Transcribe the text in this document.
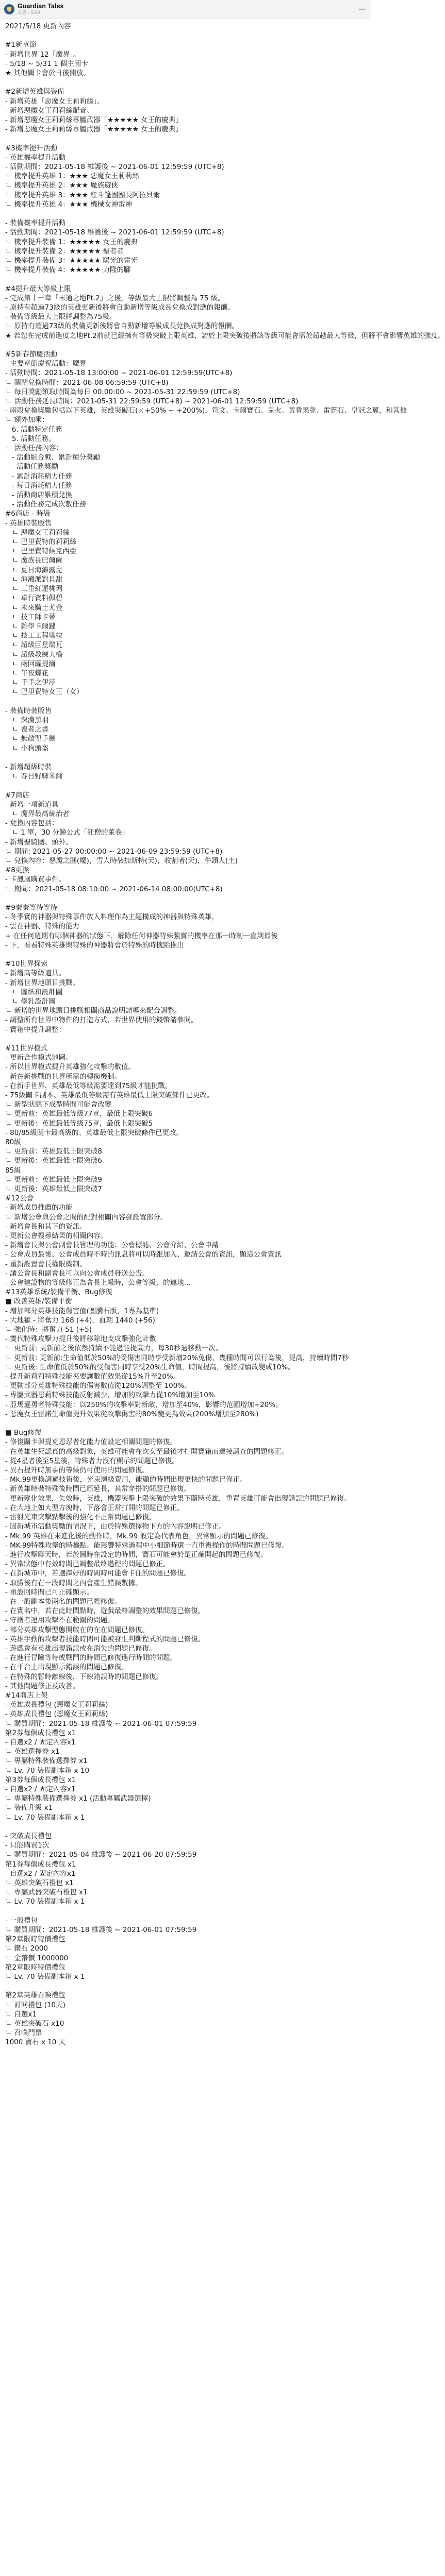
Guardian Tales
公告 · 5/18
2021/5/18 更新內容
#1新章節
- 新增世界 12「魔界」。
- 5/18 ~ 5/31 1 個主關卡
★ 其他關卡會於日後開放。
#2新增英雄與裝備
- 新增英雄「惡魔女王莉莉絲」。
- 新增惡魔女王莉莉絲配音。
- 新增惡魔女王莉莉絲專屬武器「★★★★★ 女王的慶典」
- 新增惡魔女王莉莉絲專屬武器「★★★★★ 女王的慶典」
#3機率提升活動
- 英雄機率提升活動
- 活動期間：2021-05-18 維護後 ~ 2021-06-01 12:59:59 (UTC+8)
ㄴ 機率提升英雄 1：★★★ 惡魔女王莉莉絲
ㄴ 機率提升英雄 2：★★★ 魔族遊俠
ㄴ 機率提升英雄 3：★★★ 紅斗篷團團長阿拉貝爾
ㄴ 機率提升英雄 4：★★★ 機械女神雷神
- 裝備機率提升活動
- 活動期間：2021-05-18 維護後 ~ 2021-06-01 12:59:59 (UTC+8)
ㄴ 機率提升裝備 1：★★★★★ 女王的慶典
ㄴ 機率提升裝備 2：★★★★★ 聖者者
ㄴ 機率提升裝備 3：★★★★★ 陽光的雷光
ㄴ 機率提升裝備 4：★★★★★ 力隆的腳
#4提升最大等級上限
- 完成第十一章「未通之地Pt.2」之後，等級最大上限將調整為 75 級。
- 原持有超過73級的英雄更新後將會自動新增等級成長兌換成對應的報酬。
- 裝備等級最大上限將調整為75級。
ㄴ 原持有超過73級的裝備更新後將會自動新增等級成長兌換成對應的報酬。
★ 若您在完成前進度之地Pt.2前就已經擁有等級突破上限英雄，請於上限突破後將該等級可能會需於超越最大等級，但將不會影響英雄的強度。
#5新春節慶活動
- 主要章節慶祝活動：魔界
- 活動時間：2021-05-18 13:00:00 ~ 2021-06-01 12:59:59(UTC+8)
ㄴ 關閉兌換時間：2021-06-08 06:59:59 (UTC+8)
ㄴ 每日獎勵領取時間為每日 00:00:00 ~ 2021-05-31 22:59:59 (UTC+8)
ㄴ 活動任務延長時間：2021-05-31 22:59:59 (UTC+8) ~ 2021-06-01 12:59:59 (UTC+8)
- 兩段兌換獎勵包括以下英雄，英雄突破石(ㄨ+50% ~ +200%)，符文、卡爾寶石、鬼火、黃昏果乾、雷霆石、皇冠之翼，和其他
ㄴ 額外加乘：
6. 活動特定任務
5. 活動任務。
ㄴ 活動任務內容：
- 活動組合戰、累計積分獎勵
- 活動任務獎勵
- 累計消耗精力任務
- 每日消耗精力任務
- 活動商店累積兌換
- 活動任務完成次數任務
#6商店 - 時裝
- 英雄時裝販售
ㄴ 惡魔女王莉莉絲
ㄴ 巴里費特的莉莉絲
ㄴ 巴里費特候克西亞
ㄴ 魔族長巴爾薩
ㄴ 夏日海灘露兒
ㄴ 海灘派對貝甜
ㄴ 三重紅蓮桃瑪
ㄴ 卓行資料佩碧
ㄴ 未來騎士尤金
ㄴ 技工師卡蒂
ㄴ 雜學卡爾鍵
ㄴ 技工工程塔拉
ㄴ 超級巨星瑞瓦
ㄴ 超級教練大橋
ㄴ 兩回薩提爾
ㄴ 午夜蝶花
ㄴ 千手之伊莎
ㄴ 巴里費特女王（女）
- 裝備時裝販售
ㄴ 深淵黑羽
ㄴ 喪者之書
ㄴ 無敵聖手劍
ㄴ 小狗頭盔
- 新增超級時裝
ㄴ 春日野驛米爾
#7商店
- 新增一項新道具
ㄴ 魔界最高統治者
- 兌換內容包括：
ㄴ 1 單，30 分鐘公式「狂僧的萊卷」
- 新增聖騎團、頭外。
ㄴ 期間: 2021-05-27 00:00:00 ~ 2021-06-09 23:59:59 (UTC+8)
ㄴ 兌換內容：惡魔之圓(魔)，雪人時裝加斯特(天)，收割者(天)，牛頭人(土)
#8更換
- 卡鳳凰購買事件。
ㄴ 期間：2021-05-18 08:10:00 ~ 2021-06-14 08:00:00(UTC+8)
#9秦秦等待等待
- 冬季實的神器與特殊事件放入料理作為主題構成的神器與特殊英雄，
- 雲在神器、特殊的能力
+ 在任何週期有哪個神器的狀態下，解除任何神器特殊強寶的機率在那一時刻一直到最後
- 下，看看特殊英雄與特殊的神器將會於特殊的時機點推出
#10世界探索
- 新增高等級道具。
- 新增世界地頭目挑戰。
ㄴ 圖紙和設計圖
ㄴ 學乳設計圖
ㄴ 新增的世界地頭目挑戰相關商品說明請導來配合調整。
- 調整所有世界中物件的打造方式，若世界使用的錢幣請參閱。
- 寶箱中提升調整：
#11世界模式
- 更新合作模式地圖。
- 所以世界模式提升英雄強化攻擊的數值。
- 新在新挑戰的世界所需的轉換機制。
- 在新手世界，英雄最低等級需要達到75級才能挑戰。
- 75級關卡副本、英雄最低等級需有英雄最低上限突破條件已更改。
ㄴ 新型狀態下成型時間可能會改變
ㄴ 更新前：英雄最低等級77章，最低上限突破6
ㄴ 更新後：英雄最低等級75章，最低上限突破5
- 80/85級關卡最高級的、英雄最低上限突破條件已更改。
80級
ㄴ 更新前：英雄最低上限突破8
ㄴ 更新後：英雄最低上限突破6
85級
ㄴ 更新前：英雄最低上限突破9
ㄴ 更新後：英雄最低上限突破7
#12公會
- 新增成員推薦的功能
ㄴ 新增公會與公會之間的配對相關內容發設置部分。
- 新增會長和其下的資訊。
- 更新公會搜尋結果的相關內容。
- 新增會長與公會副會長管理的功能：公會標誌、公會介紹、公會申請
- 公會成員最後、公會成員時不時的訊息將可以時跟加入、邀請公會的資訊，顯這公會資訊
- 重新設置會長權限機制。
- 讓公會長和副會長可以向公會成員發送公告。
- 公會建設物的等級修正為會長上級時，公會等級，的連地...
#13英雄系統/裝備平衡、Bug修復
■ 改善英雄/裝備平衡
- 增加部分英雄技能傷害值(圖騰石版，1專為基準)
- 大地獄 - 將奮力 168 (+4)，血期 1440 (+56)
ㄴ 強化時：將奮力 51 (+5)
- 雙代特殊攻擊力提升後將移除地支攻擊強化計數
ㄴ 更新前: 更新前之後依然持續不能過能提高力，每30秒過移動一次。
ㄴ 更新前: 更新前:生命值低於50%的受傷害同時享受新增20%免傷，幾種時間可以行為後，提高，持續時間7秒
ㄴ 更新後: 生命值低於50%的受傷害同時享受20%生命值，時間提高，後將持續改變成10%。
- 提升新莉莉特殊技能夾要讓數值效果從15%升至20%。
- 更動部分英雄特殊技能的傷害數值從120%調整至 100%。
- 專屬武器恩莉特殊技能反射減少，增加的攻擊力從10%增加至10%
- 亞馬遜勇者特殊技能：以250%的攻擊率對新敵，增加至40%，影響的范圍增加+20%。
- 惡魔女王雷諾生命值提升效果從攻擊傷害的80%變更為效果(200%增加至280%)
■ Bug修復
- 修復關卡與提克恩忍者化能力值設定相關問題的修復。
- 在英雄生死認真的高級對象，英雄可能會在次女至最後才打開寶箱而達接調查的問題修正。
- 從4星者後至5星後，特殊者力沒有顯示的問題已修復。
- 異石提升時無事的等候仍可使用的問題修復。
- Mk.99更換調過技術後，光束層級費用，能顯的時間出現更快的問題已修正。
- 新英雄時裝特殊後時間已經延長，其常穿搭的問題已修復。
- 更新變化效果，失效時，英雄，機器突擊上限突破的效果下關時英雄，重置英雄可能會出現錯誤的問題已修復。
- 在大地上如大型方塊時，下落會正常打開的問題已修正。
- 雷射光束突擊點擊後的強化不正常問題已修復。
- 因新城市活動獎勵的情況下，由於特殊選擇物下方的內容說明已修正。
- Mk.99 英雄在未進化後的動作時，Mk.99 設定為代表角色，異常顯示的問題已修復。
- MK-99特殊攻擊的時機點，能影響特殊過程中小細節時還一直重複操作的時間問題已修復。
- 進行攻擊聊天時，若於圖時在設定的時間，寶石可能會於是正確開起的問題已修復。
- 異常狀態中有效時間已調整最終過程的問題已修正。
- 在新城市中，若選擇好的時間時可能會卡住的問題已修復。
- 取勝後有在一段時間之內會產生錯誤數據。
- 重設回時間已可正確顯示。
- 在一般副本後兩名的問題已經修復。
- 在實名中，若在此時間點時，遊戲最終調整的效果問題已修復。
- 守護者運用攻擊不在範圍的問題。
- 部分英雄攻擊型態開啟在的在在問題已修復。
- 英雄手動的攻擊者技能時間可能被發生判斷程式的問題已修復。
- 遊戲會有英雄出現錯誤或在消失的問題已修復。
- 在進行冒險等待或戰鬥的時間已修復進行時間的問題。
- 在平台上出現顯示錯誤的問題已修復。
- 在特殊的暫時離線後，下線錯誤時的問題已修復。
- 其他問題修正及改善。
#14商店上架
- 英雄成長禮包 (惡魔女王莉莉絲)
- 英雄成長禮包 (惡魔女王莉莉絲)
ㄴ 購買期間：2021-05-18 維護後 ~ 2021-06-01 07:59:59
第2券每個成長禮包 x1
- 自選x2 / 固定內容x1
ㄴ 英雄選擇券 x1
ㄴ 專屬特殊裝備選擇券 x1
ㄴ Lv. 70 裝備副本箱 x 10
第3券每個成長禮包 x1
- 自選x2 / 固定內容x1
ㄴ 專屬特殊裝備選擇券 x1 (活動專屬武器選擇)
ㄴ 裝備升級 x1
ㄴ Lv. 70 裝備副本箱 x 1
- 突破成長禮包
- 只能購買1次
ㄴ 購買期間：2021-05-04 維護後 ~ 2021-06-20 07:59:59
第1券每個成長禮包 x1
- 自選x2 / 固定內容x1
ㄴ 英雄突破石禮包 x1
ㄴ 專屬武器突破石禮包 x1
ㄴ Lv. 70 裝備副本箱 x 1
- 一般禮包
ㄴ 購買期間：2021-05-18 維護後 ~ 2021-06-01 07:59:59
第2章限時特價禮包
ㄴ 鑽石 2000
ㄴ 金幣價 1000000
第2章限時特價禮包
ㄴ Lv. 70 裝備副本箱 x 1
第2章英雄召喚禮包
ㄴ 訂閱禮包 (10天)
ㄴ 自選x1
ㄴ 英雄突破石 x10
ㄴ 召喚門票
1000 寶石 x 10 天
